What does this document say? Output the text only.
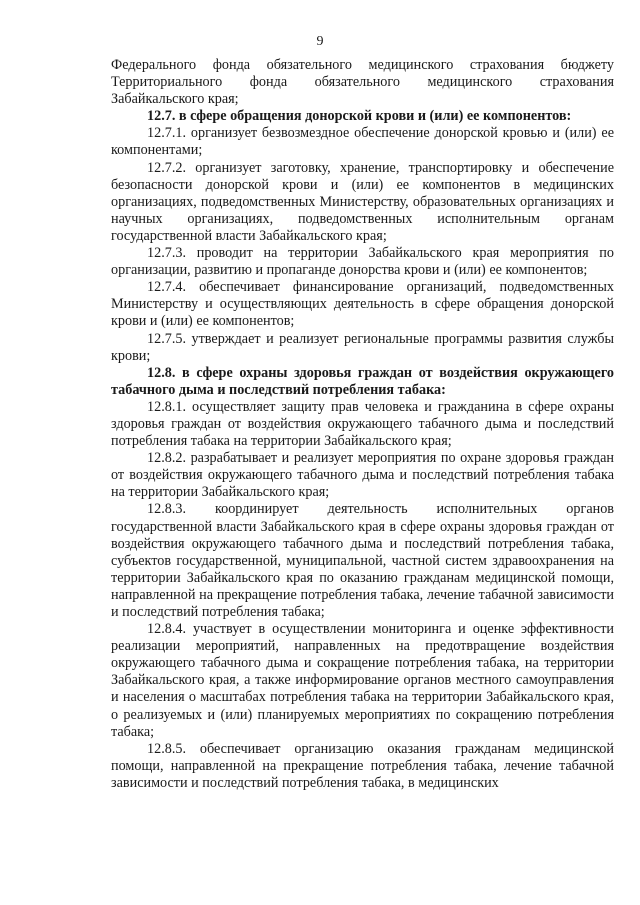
9

Федерального фонда обязательного медицинского страхования бюджету Территориального фонда обязательного медицинского страхования Забайкальского края;

12.7. в сфере обращения донорской крови и (или) ее компонентов:

12.7.1. организует безвозмездное обеспечение донорской кровью и (или) ее компонентами;

12.7.2. организует заготовку, хранение, транспортировку и обеспечение безопасности донорской крови и (или) ее компонентов в медицинских организациях, подведомственных Министерству, образовательных организациях и научных организациях, подведомственных исполнительным органам государственной власти Забайкальского края;

12.7.3. проводит на территории Забайкальского края мероприятия по организации, развитию и пропаганде донорства крови и (или) ее компонентов;

12.7.4. обеспечивает финансирование организаций, подведомственных Министерству и осуществляющих деятельность в сфере обращения донорской крови и (или) ее компонентов;

12.7.5. утверждает и реализует региональные программы развития службы крови;

12.8. в сфере охраны здоровья граждан от воздействия окружающего табачного дыма и последствий потребления табака:

12.8.1. осуществляет защиту прав человека и гражданина в сфере охраны здоровья граждан от воздействия окружающего табачного дыма и последствий потребления табака на территории Забайкальского края;

12.8.2. разрабатывает и реализует мероприятия по охране здоровья граждан от воздействия окружающего табачного дыма и последствий потребления табака на территории Забайкальского края;

12.8.3. координирует деятельность исполнительных органов государственной власти Забайкальского края в сфере охраны здоровья граждан от воздействия окружающего табачного дыма и последствий потребления табака, субъектов государственной, муниципальной, частной систем здравоохранения на территории Забайкальского края по оказанию гражданам медицинской помощи, направленной на прекращение потребления табака, лечение табачной зависимости и последствий потребления табака;

12.8.4. участвует в осуществлении мониторинга и оценке эффективности реализации мероприятий, направленных на предотвращение воздействия окружающего табачного дыма и сокращение потребления табака, на территории Забайкальского края, а также информирование органов местного самоуправления и населения о масштабах потребления табака на территории Забайкальского края, о реализуемых и (или) планируемых мероприятиях по сокращению потребления табака;

12.8.5. обеспечивает организацию оказания гражданам медицинской помощи, направленной на прекращение потребления табака, лечение табачной зависимости и последствий потребления табака, в медицинских
